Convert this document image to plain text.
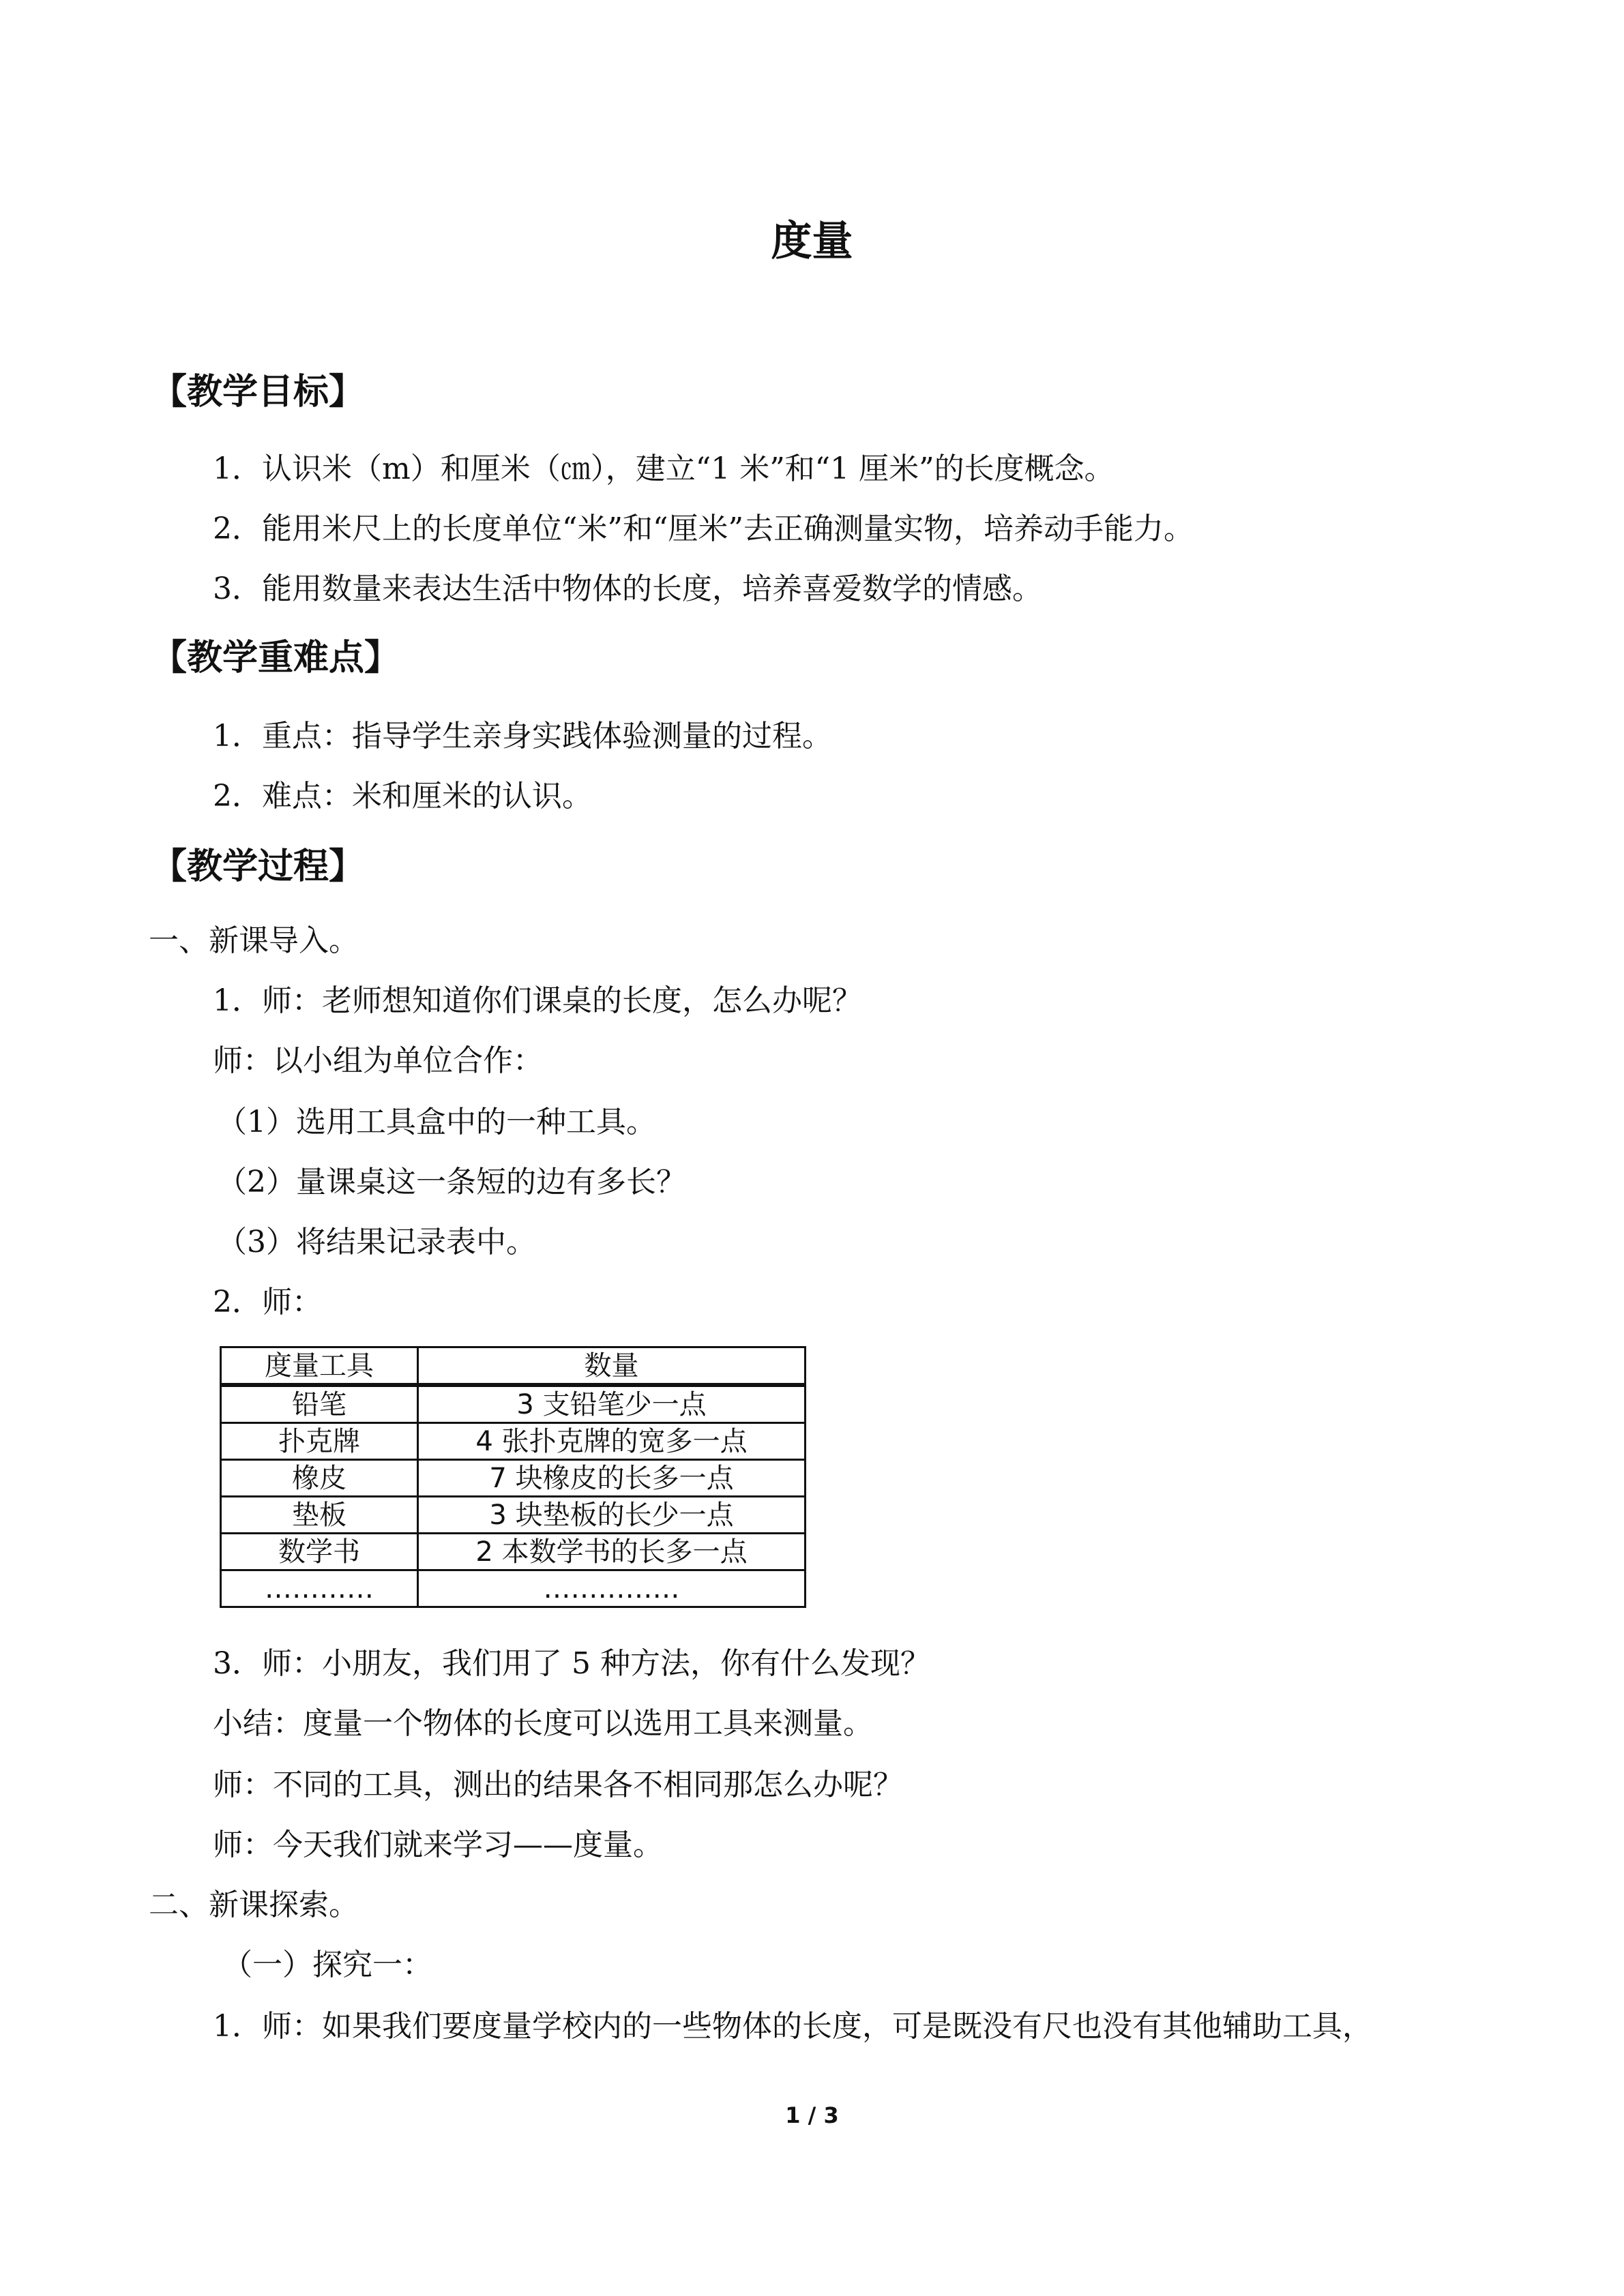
度量
【教学目标】
1．认识米（m）和厘米（㎝），建立“1 米”和“1 厘米”的长度概念。
2．能用米尺上的长度单位“米”和“厘米”去正确测量实物，培养动手能力。
3．能用数量来表达生活中物体的长度，培养喜爱数学的情感。
【教学重难点】
1．重点：指导学生亲身实践体验测量的过程。
2．难点：米和厘米的认识。
【教学过程】
一、新课导入。
1．师：老师想知道你们课桌的长度，怎么办呢？
师：以小组为单位合作：
（1）选用工具盒中的一种工具。
（2）量课桌这一条短的边有多长？
（3）将结果记录表中。
2．师：
度量工具	数量
铅笔	3 支铅笔少一点
扑克牌	4 张扑克牌的宽多一点
橡皮	7 块橡皮的长多一点
垫板	3 块垫板的长少一点
数学书	2 本数学书的长多一点
…………	……………
3．师：小朋友，我们用了 5 种方法，你有什么发现？
小结：度量一个物体的长度可以选用工具来测量。
师：不同的工具，测出的结果各不相同那怎么办呢？
师：今天我们就来学习——度量。
二、新课探索。
（一）探究一：
1．师：如果我们要度量学校内的一些物体的长度，可是既没有尺也没有其他辅助工具，
1 / 3
